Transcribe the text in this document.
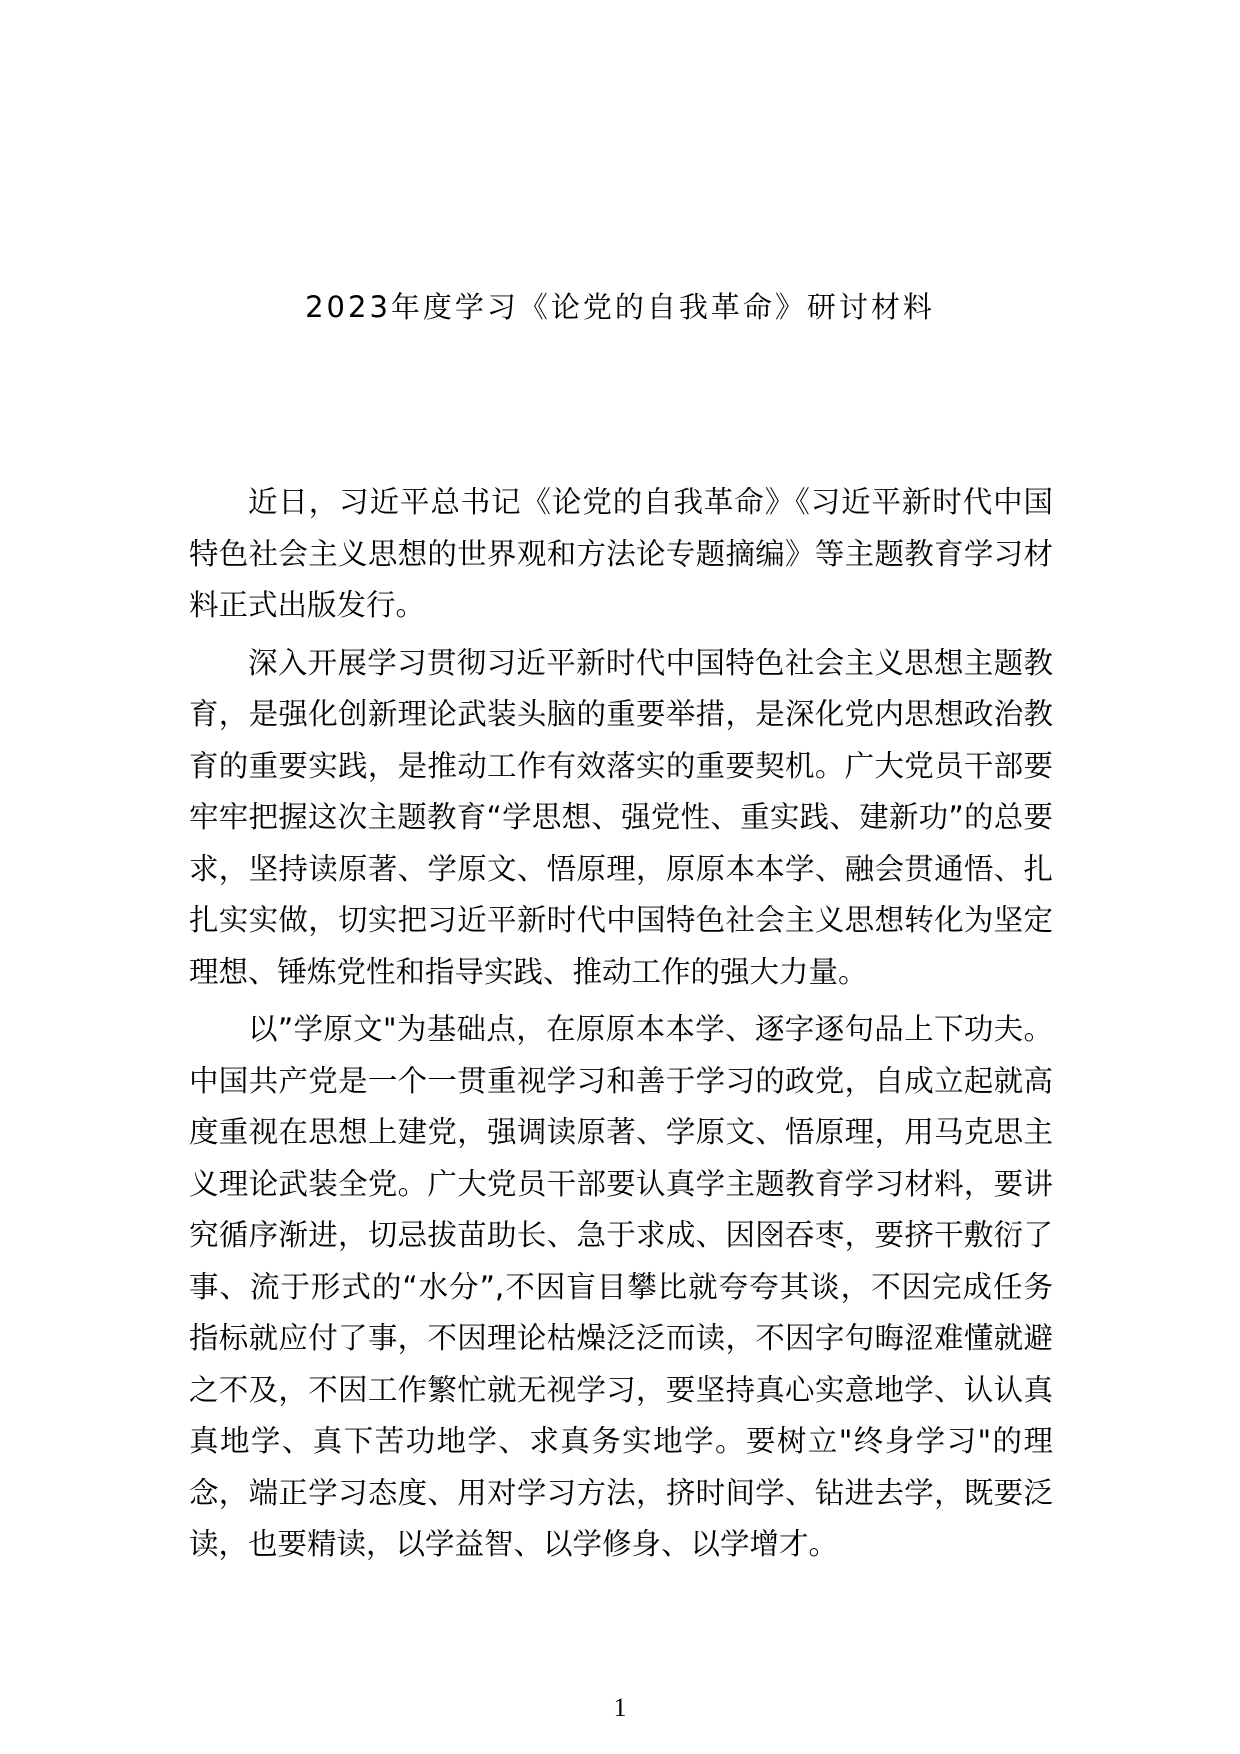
2023年度学习《论党的自我革命》研讨材料

近日，习近平总书记《论党的自我革命》《习近平新时代中国特色社会主义思想的世界观和方法论专题摘编》等主题教育学习材料正式出版发行。

深入开展学习贯彻习近平新时代中国特色社会主义思想主题教育，是强化创新理论武装头脑的重要举措，是深化党内思想政治教育的重要实践，是推动工作有效落实的重要契机。广大党员干部要牢牢把握这次主题教育“学思想、强党性、重实践、建新功”的总要求，坚持读原著、学原文、悟原理，原原本本学、融会贯通悟、扎扎实实做，切实把习近平新时代中国特色社会主义思想转化为坚定理想、锤炼党性和指导实践、推动工作的强大力量。

以”学原文"为基础点，在原原本本学、逐字逐句品上下功夫。中国共产党是一个一贯重视学习和善于学习的政党，自成立起就高度重视在思想上建党，强调读原著、学原文、悟原理，用马克思主义理论武装全党。广大党员干部要认真学主题教育学习材料，要讲究循序渐进，切忌拔苗助长、急于求成、因囹吞枣，要挤干敷衍了事、流于形式的“水分”,不因盲目攀比就夸夸其谈，不因完成任务指标就应付了事，不因理论枯燥泛泛而读，不因字句晦涩难懂就避之不及，不因工作繁忙就无视学习，要坚持真心实意地学、认认真真地学、真下苦功地学、求真务实地学。要树立"终身学习"的理念，端正学习态度、用对学习方法，挤时间学、钻进去学，既要泛读，也要精读，以学益智、以学修身、以学增才。

1
